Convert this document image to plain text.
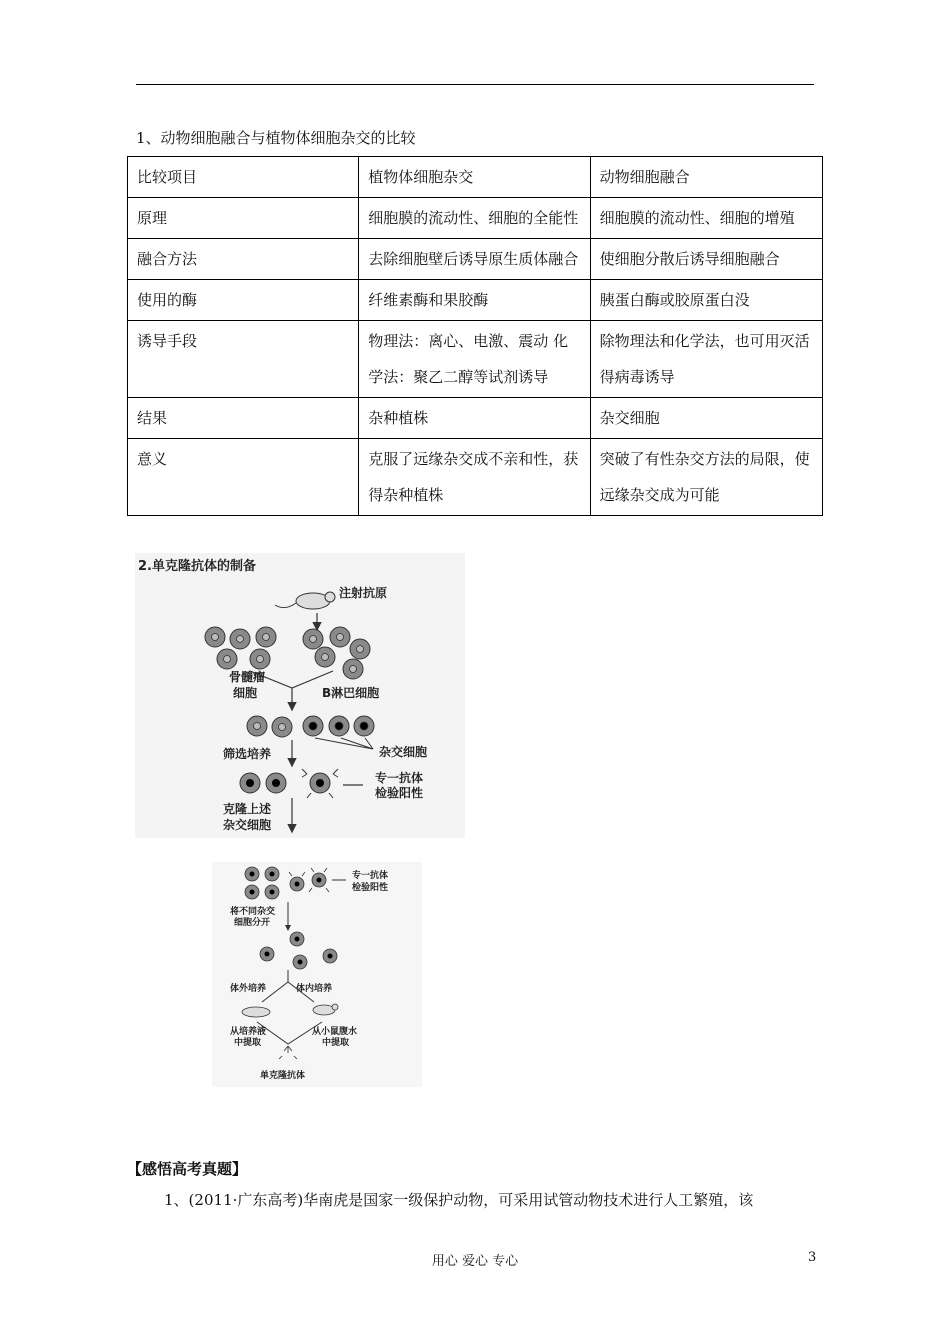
1、动物细胞融合与植物体细胞杂交的比较
比较项目	植物体细胞杂交	动物细胞融合
原理	细胞膜的流动性、细胞的全能性	细胞膜的流动性、细胞的增殖
融合方法	去除细胞壁后诱导原生质体融合	使细胞分散后诱导细胞融合
使用的酶	纤维素酶和果胶酶	胰蛋白酶或胶原蛋白没
诱导手段	物理法：离心、电激、震动 化学法：聚乙二醇等试剂诱导	除物理法和化学法，也可用灭活得病毒诱导
结果	杂种植株	杂交细胞
意义	克服了远缘杂交成不亲和性，获得杂种植株	突破了有性杂交方法的局限，使远缘杂交成为可能
2.单克隆抗体的制备
注射抗原
骨髓瘤
细胞	B淋巴细胞
筛选培养	杂交细胞
专一抗体
检验阳性
克隆上述
杂交细胞
专一抗体
检验阳性
将不同杂交
细胞分开
体外培养	体内培养
从培养液
中提取
从小鼠腹水
中提取
单克隆抗体
【感悟高考真题】
1、(2011·广东高考)华南虎是国家一级保护动物，可采用试管动物技术进行人工繁殖，该
用心 爱心 专心	3
